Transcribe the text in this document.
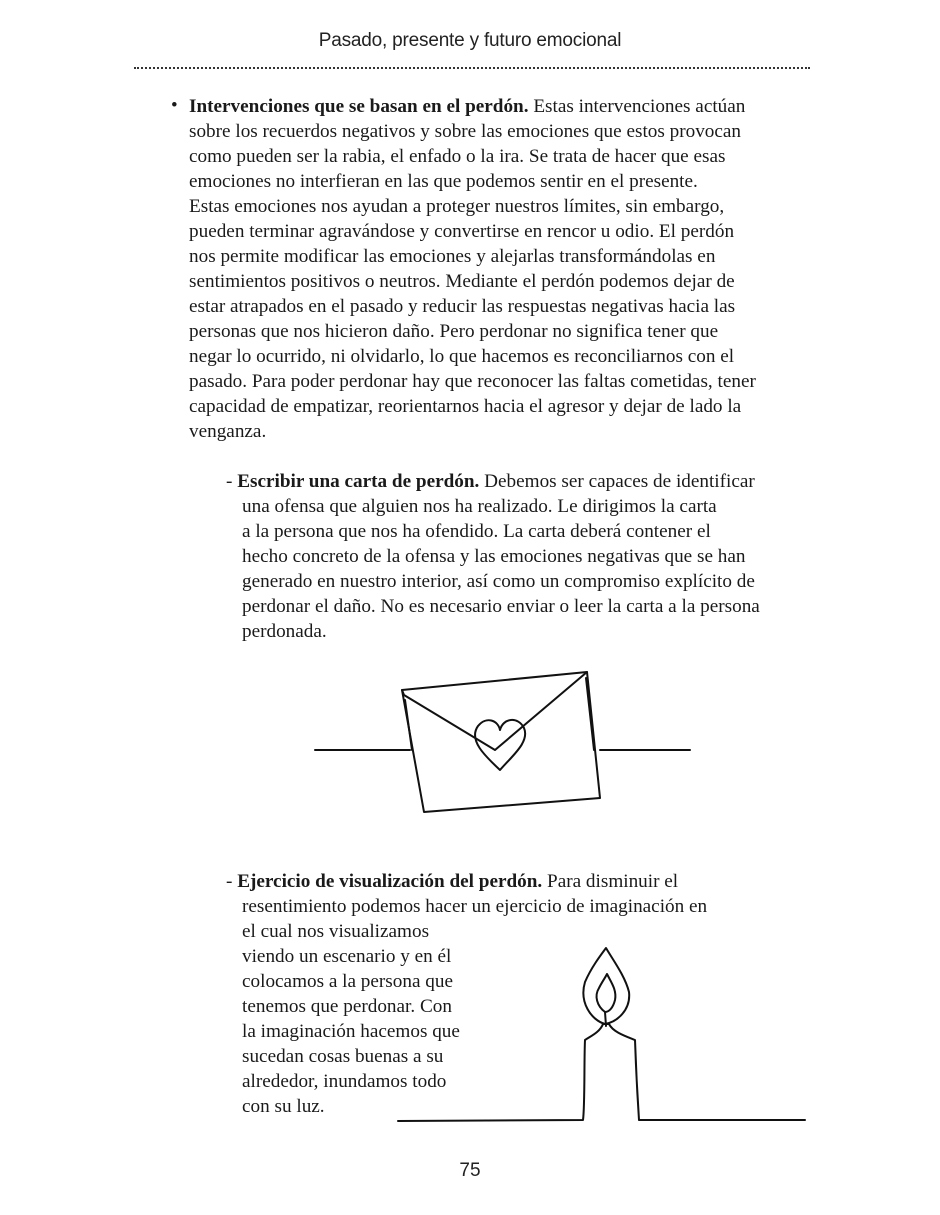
Pasado, presente y futuro emocional
• Intervenciones que se basan en el perdón. Estas intervenciones actúan
sobre los recuerdos negativos y sobre las emociones que estos provocan
como pueden ser la rabia, el enfado o la ira. Se trata de hacer que esas
emociones no interfieran en las que podemos sentir en el presente.
Estas emociones nos ayudan a proteger nuestros límites, sin embargo,
pueden terminar agravándose y convertirse en rencor u odio. El perdón
nos permite modificar las emociones y alejarlas transformándolas en
sentimientos positivos o neutros. Mediante el perdón podemos dejar de
estar atrapados en el pasado y reducir las respuestas negativas hacia las
personas que nos hicieron daño. Pero perdonar no significa tener que
negar lo ocurrido, ni olvidarlo, lo que hacemos es reconciliarnos con el
pasado. Para poder perdonar hay que reconocer las faltas cometidas, tener
capacidad de empatizar, reorientarnos hacia el agresor y dejar de lado la
venganza.
- Escribir una carta de perdón. Debemos ser capaces de identificar
una ofensa que alguien nos ha realizado. Le dirigimos la carta
a la persona que nos ha ofendido. La carta deberá contener el
hecho concreto de la ofensa y las emociones negativas que se han
generado en nuestro interior, así como un compromiso explícito de
perdonar el daño. No es necesario enviar o leer la carta a la persona
perdonada.
- Ejercicio de visualización del perdón. Para disminuir el
resentimiento podemos hacer un ejercicio de imaginación en
el cual nos visualizamos
viendo un escenario y en él
colocamos a la persona que
tenemos que perdonar. Con
la imaginación hacemos que
sucedan cosas buenas a su
alrededor, inundamos todo
con su luz.
75
